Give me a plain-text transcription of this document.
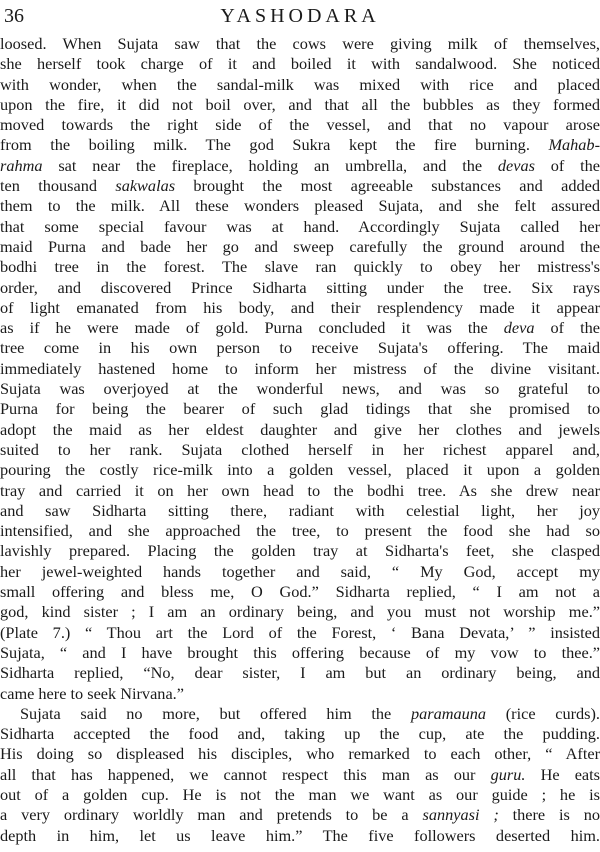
36	YASHODARA
loosed. When Sujata saw that the cows were giving milk of themselves,
she herself took charge of it and boiled it with sandalwood. She noticed
with wonder, when the sandal-milk was mixed with rice and placed
upon the fire, it did not boil over, and that all the bubbles as they formed
moved towards the right side of the vessel, and that no vapour arose
from the boiling milk. The god Sukra kept the fire burning. Mahab-
rahma sat near the fireplace, holding an umbrella, and the devas of the
ten thousand sakwalas brought the most agreeable substances and added
them to the milk. All these wonders pleased Sujata, and she felt assured
that some special favour was at hand. Accordingly Sujata called her
maid Purna and bade her go and sweep carefully the ground around the
bodhi tree in the forest. The slave ran quickly to obey her mistress's
order, and discovered Prince Sidharta sitting under the tree. Six rays
of light emanated from his body, and their resplendency made it appear
as if he were made of gold. Purna concluded it was the deva of the
tree come in his own person to receive Sujata's offering. The maid
immediately hastened home to inform her mistress of the divine visitant.
Sujata was overjoyed at the wonderful news, and was so grateful to
Purna for being the bearer of such glad tidings that she promised to
adopt the maid as her eldest daughter and give her clothes and jewels
suited to her rank. Sujata clothed herself in her richest apparel and,
pouring the costly rice-milk into a golden vessel, placed it upon a golden
tray and carried it on her own head to the bodhi tree. As she drew near
and saw Sidharta sitting there, radiant with celestial light, her joy
intensified, and she approached the tree, to present the food she had so
lavishly prepared. Placing the golden tray at Sidharta's feet, she clasped
her jewel-weighted hands together and said, “ My God, accept my
small offering and bless me, O God.” Sidharta replied, “ I am not a
god, kind sister ; I am an ordinary being, and you must not worship me.”
(Plate 7.) “ Thou art the Lord of the Forest, ‘ Bana Devata,’ ” insisted
Sujata, “ and I have brought this offering because of my vow to thee.”
Sidharta replied, “No, dear sister, I am but an ordinary being, and
came here to seek Nirvana.”
Sujata said no more, but offered him the paramauna (rice curds).
Sidharta accepted the food and, taking up the cup, ate the pudding.
His doing so displeased his disciples, who remarked to each other, “ After
all that has happened, we cannot respect this man as our guru. He eats
out of a golden cup. He is not the man we want as our guide ; he is
a very ordinary worldly man and pretends to be a sannyasi ; there is no
depth in him, let us leave him.” The five followers deserted him.
